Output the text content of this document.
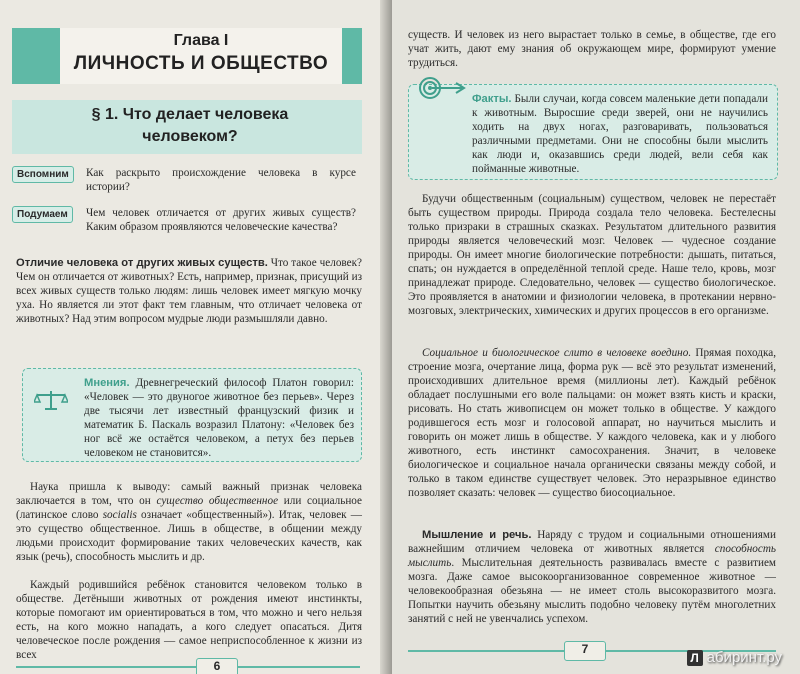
Глава I
ЛИЧНОСТЬ И ОБЩЕСТВО
§ 1. Что делает человека
человеком?
Вспомним	Как раскрыто происхождение человека в курсе истории?
Подумаем	Чем человек отличается от других живых существ? Каким образом проявляются человеческие качества?

Отличие человека от других живых существ. Что такое человек? Чем он отличается от животных? Есть, например, признак, присущий из всех живых существ только людям: лишь человек имеет мягкую мочку уха. Но является ли этот факт тем главным, что отличает человека от животных? Над этим вопросом мудрые люди размышляли давно.

Мнения. Древнегреческий философ Платон говорил: «Человек — это двуногое животное без перьев». Через две тысячи лет известный французский физик и математик Б. Паскаль возразил Платону: «Человек без ног всё же остаётся человеком, а петух без перьев человеком не становится».

Наука пришла к выводу: самый важный признак человека заключается в том, что он существо общественное или социальное (латинское слово socialis означает «общественный»). Итак, человек — это существо общественное. Лишь в обществе, в общении между людьми происходит формирование таких человеческих качеств, как язык (речь), способность мыслить и др.

Каждый родившийся ребёнок становится человеком только в обществе. Детёныши животных от рождения имеют инстинкты, которые помогают им ориентироваться в том, что можно и чего нельзя есть, на кого можно нападать, а кого следует опасаться. Дитя человеческое после рождения — самое неприспособленное к жизни из всех
6
существ. И человек из него вырастает только в семье, в обществе, где его учат жить, дают ему знания об окружающем мире, формируют умение трудиться.

Факты. Были случаи, когда совсем маленькие дети попадали к животным. Выросшие среди зверей, они не научились ходить на двух ногах, разговаривать, пользоваться различными предметами. Они не способны были мыслить как люди и, оказавшись среди людей, вели себя как пойманные животные.

Будучи общественным (социальным) существом, человек не перестаёт быть существом природы. Природа создала тело человека. Бестелесны только призраки в страшных сказках. Результатом длительного развития природы является человеческий мозг. Человек — чудесное создание природы. Он имеет многие биологические потребности: дышать, питаться, спать; он нуждается в определённой теплой среде. Наше тело, кровь, мозг принадлежат природе. Следовательно, человек — существо биологическое. Это проявляется в анатомии и физиологии человека, в протекании нервно-мозговых, электрических, химических и других процессов в его организме.

Социальное и биологическое слито в человеке воедино. Прямая походка, строение мозга, очертание лица, форма рук — всё это результат изменений, происходивших длительное время (миллионы лет). Каждый ребёнок обладает послушными его воле пальцами: он может взять кисть и краски, рисовать. Но стать живописцем он может только в обществе. У каждого родившегося есть мозг и голосовой аппарат, но научиться мыслить и говорить он может лишь в обществе. У каждого человека, как и у любого животного, есть инстинкт самосохранения. Значит, в человеке биологическое и социальное начала органически связаны между собой, и только в таком единстве существует человек. Это неразрывное единство позволяет сказать: человек — существо биосоциальное.

Мышление и речь. Наряду с трудом и социальными отношениями важнейшим отличием человека от животных является способность мыслить. Мыслительная деятельность развивалась вместе с развитием мозга. Даже самое высокоорганизованное современное животное — человекообразная обезьяна — не имеет столь высокоразвитого мозга. Попытки научить обезьяну мыслить подобно человеку путём многолетних занятий с ней не увенчались успехом.

7
Л абиринт.ру
